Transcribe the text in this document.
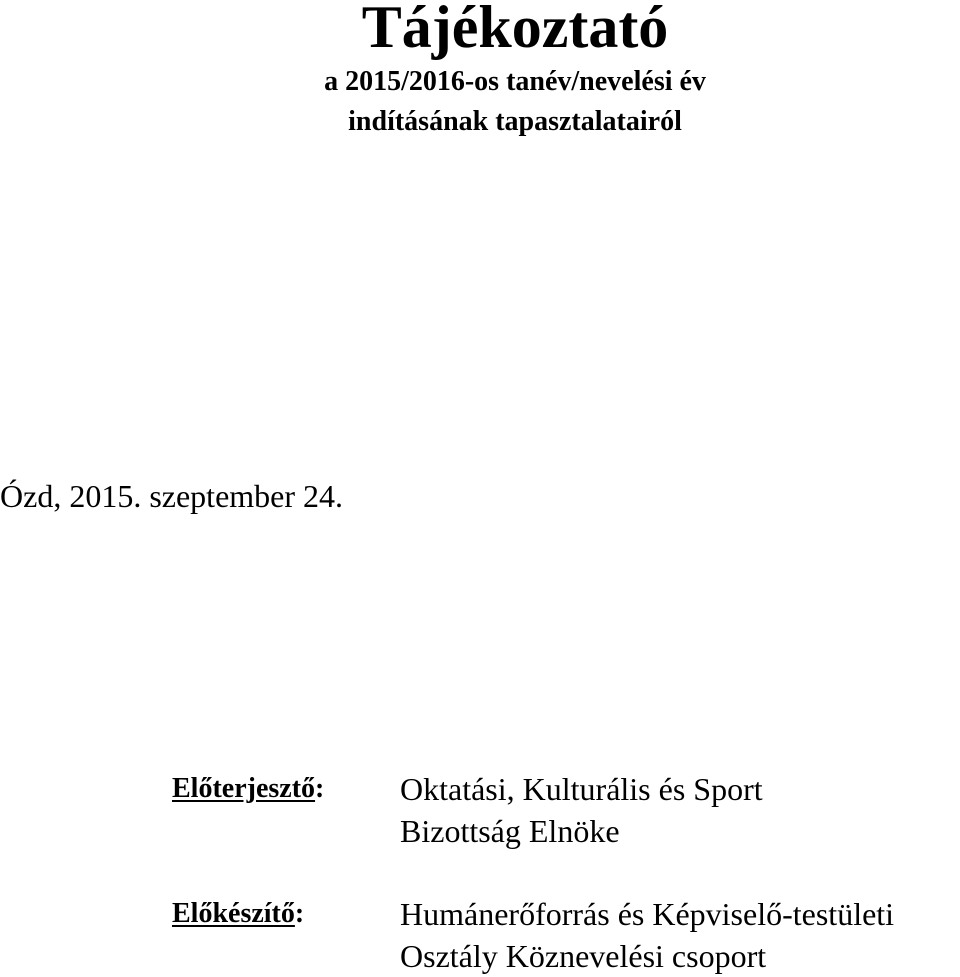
Tájékoztató
a 2015/2016-os tanév/nevelési év
indításának tapasztalatairól
Ózd, 2015. szeptember 24.
Előterjesztő: Oktatási, Kulturális és Sport
Bizottság Elnöke
Előkészítő:	Humánerőforrás és Képviselő-testületi
Osztály Köznevelési csoport
